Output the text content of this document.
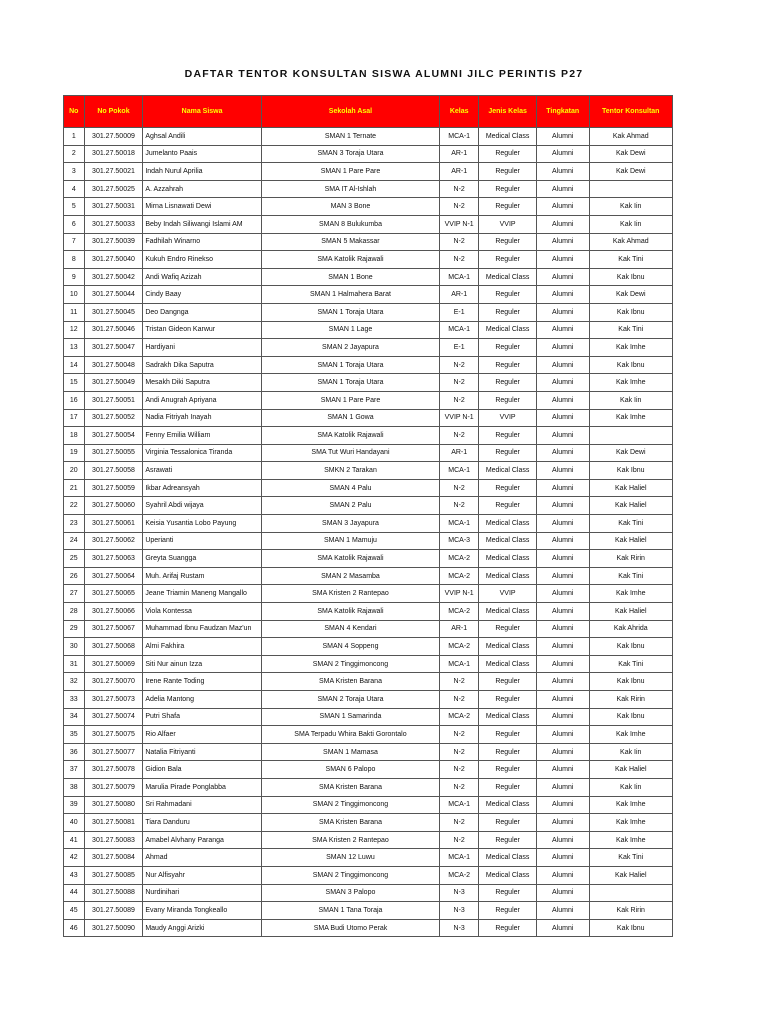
DAFTAR TENTOR KONSULTAN SISWA ALUMNI JILC PERINTIS P27
No	No Pokok	Nama Siswa	Sekolah Asal	Kelas	Jenis Kelas	Tingkatan	Tentor Konsultan
1	301.27.50009	Aghsal Andili	SMAN 1 Ternate	MCA-1	Medical Class	Alumni	Kak Ahmad
2	301.27.50018	Jumelanto Paais	SMAN 3 Toraja Utara	AR-1	Reguler	Alumni	Kak Dewi
3	301.27.50021	Indah Nurul Aprilia	SMAN 1 Pare Pare	AR-1	Reguler	Alumni	Kak Dewi
4	301.27.50025	A. Azzahrah	SMA IT Al-Ishlah	N-2	Reguler	Alumni	
5	301.27.50031	Mirna Lisnawati Dewi	MAN 3 Bone	N-2	Reguler	Alumni	Kak Iin
6	301.27.50033	Beby Indah Siliwangi Islami AM	SMAN 8 Bulukumba	VVIP N-1	VVIP	Alumni	Kak Iin
7	301.27.50039	Fadhilah Winarno	SMAN 5 Makassar	N-2	Reguler	Alumni	Kak Ahmad
8	301.27.50040	Kukuh Endro Rinekso	SMA Katolik Rajawali	N-2	Reguler	Alumni	Kak Tini
9	301.27.50042	Andi Wafiq Azizah	SMAN 1 Bone	MCA-1	Medical Class	Alumni	Kak Ibnu
10	301.27.50044	Cindy Baay	SMAN 1 Halmahera Barat	AR-1	Reguler	Alumni	Kak Dewi
11	301.27.50045	Deo Dangnga	SMAN 1 Toraja Utara	E-1	Reguler	Alumni	Kak Ibnu
12	301.27.50046	Tristan Gideon Karwur	SMAN 1 Lage	MCA-1	Medical Class	Alumni	Kak Tini
13	301.27.50047	Hardiyani	SMAN 2 Jayapura	E-1	Reguler	Alumni	Kak Imhe
14	301.27.50048	Sadrakh Dika Saputra	SMAN 1 Toraja Utara	N-2	Reguler	Alumni	Kak Ibnu
15	301.27.50049	Mesakh Diki Saputra	SMAN 1 Toraja Utara	N-2	Reguler	Alumni	Kak Imhe
16	301.27.50051	Andi Anugrah Apriyana	SMAN 1 Pare Pare	N-2	Reguler	Alumni	Kak Iin
17	301.27.50052	Nadia Fitriyah Inayah	SMAN 1 Gowa	VVIP N-1	VVIP	Alumni	Kak Imhe
18	301.27.50054	Fenny Emilia William	SMA Katolik Rajawali	N-2	Reguler	Alumni	
19	301.27.50055	Virginia Tessalonica Tiranda	SMA Tut Wuri Handayani	AR-1	Reguler	Alumni	Kak Dewi
20	301.27.50058	Asrawati	SMKN 2 Tarakan	MCA-1	Medical Class	Alumni	Kak Ibnu
21	301.27.50059	Ikbar Adreansyah	SMAN 4 Palu	N-2	Reguler	Alumni	Kak Haliel
22	301.27.50060	Syahril Abdi wijaya	SMAN 2 Palu	N-2	Reguler	Alumni	Kak Haliel
23	301.27.50061	Keisia Yusantia Lobo Payung	SMAN 3 Jayapura	MCA-1	Medical Class	Alumni	Kak Tini
24	301.27.50062	Uperianti	SMAN 1 Mamuju	MCA-3	Medical Class	Alumni	Kak Haliel
25	301.27.50063	Greyta Suangga	SMA Katolik Rajawali	MCA-2	Medical Class	Alumni	Kak Ririn
26	301.27.50064	Muh. Arifaj Rustam	SMAN 2 Masamba	MCA-2	Medical Class	Alumni	Kak Tini
27	301.27.50065	Jeane Triamin Maneng Mangallo	SMA Kristen 2 Rantepao	VVIP N-1	VVIP	Alumni	Kak Imhe
28	301.27.50066	Viola Kontessa	SMA Katolik Rajawali	MCA-2	Medical Class	Alumni	Kak Haliel
29	301.27.50067	Muhammad Ibnu Faudzan Maz'un	SMAN 4 Kendari	AR-1	Reguler	Alumni	Kak Ahrida
30	301.27.50068	Almi Fakhira	SMAN 4 Soppeng	MCA-2	Medical Class	Alumni	Kak Ibnu
31	301.27.50069	Siti Nur ainun Izza	SMAN 2 Tinggimoncong	MCA-1	Medical Class	Alumni	Kak Tini
32	301.27.50070	Irene Rante Toding	SMA Kristen Barana	N-2	Reguler	Alumni	Kak Ibnu
33	301.27.50073	Adelia Mantong	SMAN 2 Toraja Utara	N-2	Reguler	Alumni	Kak Ririn
34	301.27.50074	Putri Shafa	SMAN 1 Samarinda	MCA-2	Medical Class	Alumni	Kak Ibnu
35	301.27.50075	Rio Alfaer	SMA Terpadu Whira Bakti Gorontalo	N-2	Reguler	Alumni	Kak Imhe
36	301.27.50077	Natalia Fitriyanti	SMAN 1 Mamasa	N-2	Reguler	Alumni	Kak Iin
37	301.27.50078	Gidion Bala	SMAN 6 Palopo	N-2	Reguler	Alumni	Kak Haliel
38	301.27.50079	Marulia Pirade Ponglabba	SMA Kristen Barana	N-2	Reguler	Alumni	Kak Iin
39	301.27.50080	Sri Rahmadani	SMAN 2 Tinggimoncong	MCA-1	Medical Class	Alumni	Kak Imhe
40	301.27.50081	Tiara Danduru	SMA Kristen Barana	N-2	Reguler	Alumni	Kak Imhe
41	301.27.50083	Amabel Alvhany Paranga	SMA Kristen 2 Rantepao	N-2	Reguler	Alumni	Kak Imhe
42	301.27.50084	Ahmad	SMAN 12 Luwu	MCA-1	Medical Class	Alumni	Kak Tini
43	301.27.50085	Nur Alfisyahr	SMAN 2 Tinggimoncong	MCA-2	Medical Class	Alumni	Kak Haliel
44	301.27.50088	Nurdinihari	SMAN 3 Palopo	N-3	Reguler	Alumni	
45	301.27.50089	Evany Miranda Tongkeallo	SMAN 1 Tana Toraja	N-3	Reguler	Alumni	Kak Ririn
46	301.27.50090	Maudy Anggi Arizki	SMA Budi Utomo Perak	N-3	Reguler	Alumni	Kak Ibnu
